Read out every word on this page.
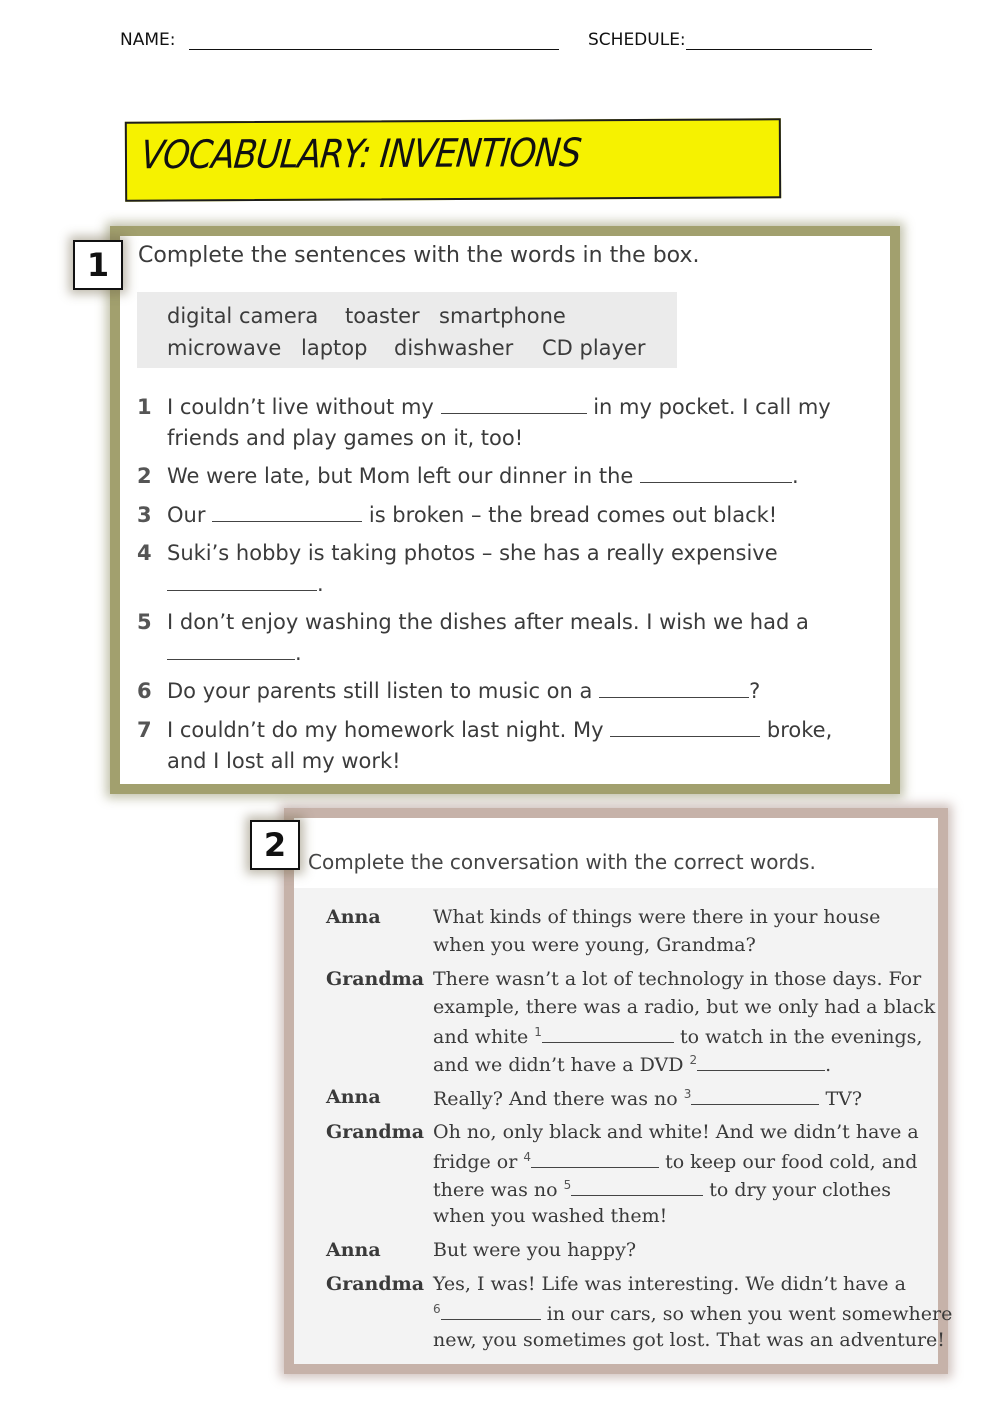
NAME:	SCHEDULE:
VOCABULARY: INVENTIONS
1	Complete the sentences with the words in the box.
digital camera toaster smartphone
microwave laptop dishwasher CD player
1 I couldn’t live without my	in my pocket. I call my
friends and play games on it, too!
2 We were late, but Mom left our dinner in the	.
3 Our	is broken – the bread comes out black!
4 Suki’s hobby is taking photos – she has a really expensive
.
5 I don’t enjoy washing the dishes after meals. I wish we had a
.
6 Do your parents still listen to music on a	?
7 I couldn’t do my homework last night. My	broke,
and I lost all my work!
2	Complete the conversation with the correct words.
Anna	What kinds of things were there in your house
when you were young, Grandma?
Grandma There wasn’t a lot of technology in those days. For
example, there was a radio, but we only had a black
and white $^1$	to watch in the evenings,
and we didn’t have a DVD $^2$	.
Anna	Really? And there was no $^3$	TV?
Grandma Oh no, only black and white! And we didn’t have a
fridge or $^4$	to keep our food cold, and
there was no $^5$	to dry your clothes
when you washed them!
Anna	But were you happy?
Grandma Yes, I was! Life was interesting. We didn’t have a
$^6$	in our cars, so when you went somewhere
new, you sometimes got lost. That was an adventure!
